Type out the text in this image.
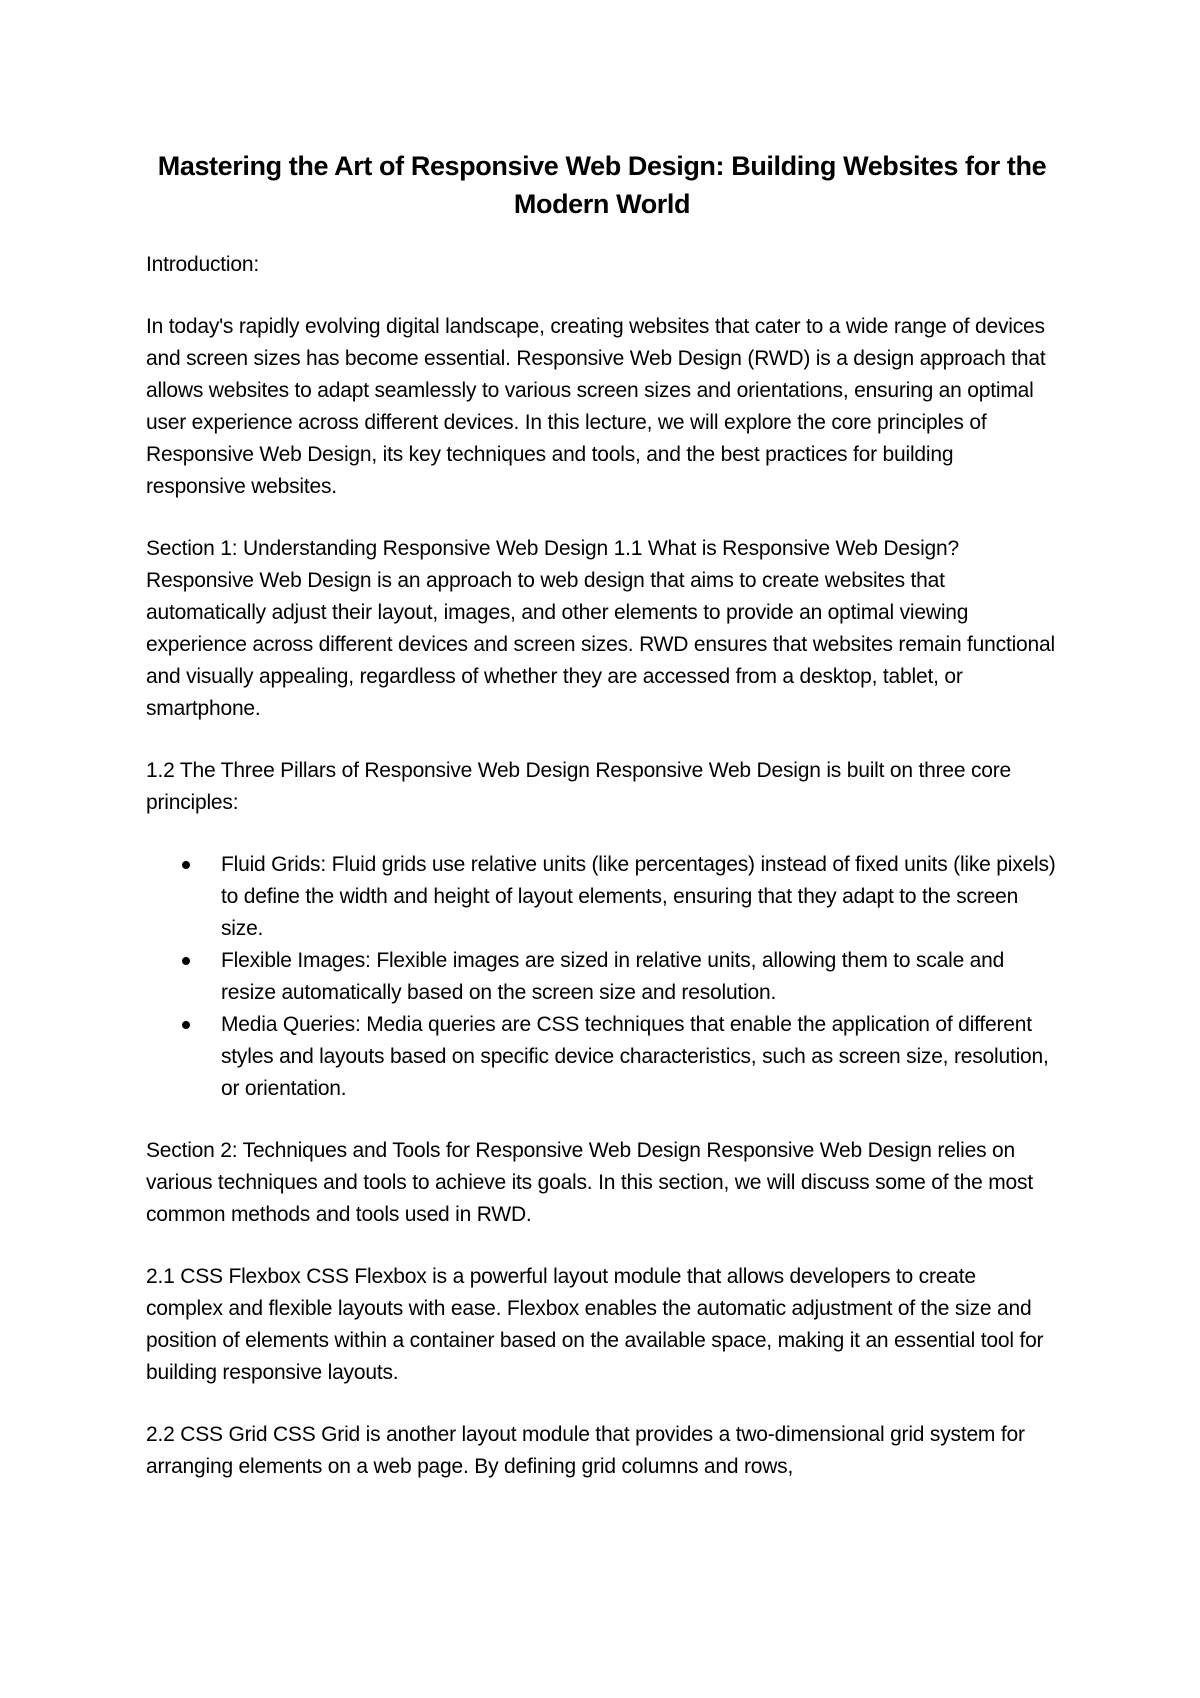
Mastering the Art of Responsive Web Design: Building Websites for the Modern World

Introduction:

In today's rapidly evolving digital landscape, creating websites that cater to a wide range of devices and screen sizes has become essential. Responsive Web Design (RWD) is a design approach that allows websites to adapt seamlessly to various screen sizes and orientations, ensuring an optimal user experience across different devices. In this lecture, we will explore the core principles of Responsive Web Design, its key techniques and tools, and the best practices for building responsive websites.

Section 1: Understanding Responsive Web Design 1.1 What is Responsive Web Design? Responsive Web Design is an approach to web design that aims to create websites that automatically adjust their layout, images, and other elements to provide an optimal viewing experience across different devices and screen sizes. RWD ensures that websites remain functional and visually appealing, regardless of whether they are accessed from a desktop, tablet, or smartphone.

1.2 The Three Pillars of Responsive Web Design Responsive Web Design is built on three core principles:

Fluid Grids: Fluid grids use relative units (like percentages) instead of fixed units (like pixels) to define the width and height of layout elements, ensuring that they adapt to the screen size.
Flexible Images: Flexible images are sized in relative units, allowing them to scale and resize automatically based on the screen size and resolution.
Media Queries: Media queries are CSS techniques that enable the application of different styles and layouts based on specific device characteristics, such as screen size, resolution, or orientation.

Section 2: Techniques and Tools for Responsive Web Design Responsive Web Design relies on various techniques and tools to achieve its goals. In this section, we will discuss some of the most common methods and tools used in RWD.

2.1 CSS Flexbox CSS Flexbox is a powerful layout module that allows developers to create complex and flexible layouts with ease. Flexbox enables the automatic adjustment of the size and position of elements within a container based on the available space, making it an essential tool for building responsive layouts.

2.2 CSS Grid CSS Grid is another layout module that provides a two-dimensional grid system for arranging elements on a web page. By defining grid columns and rows,
